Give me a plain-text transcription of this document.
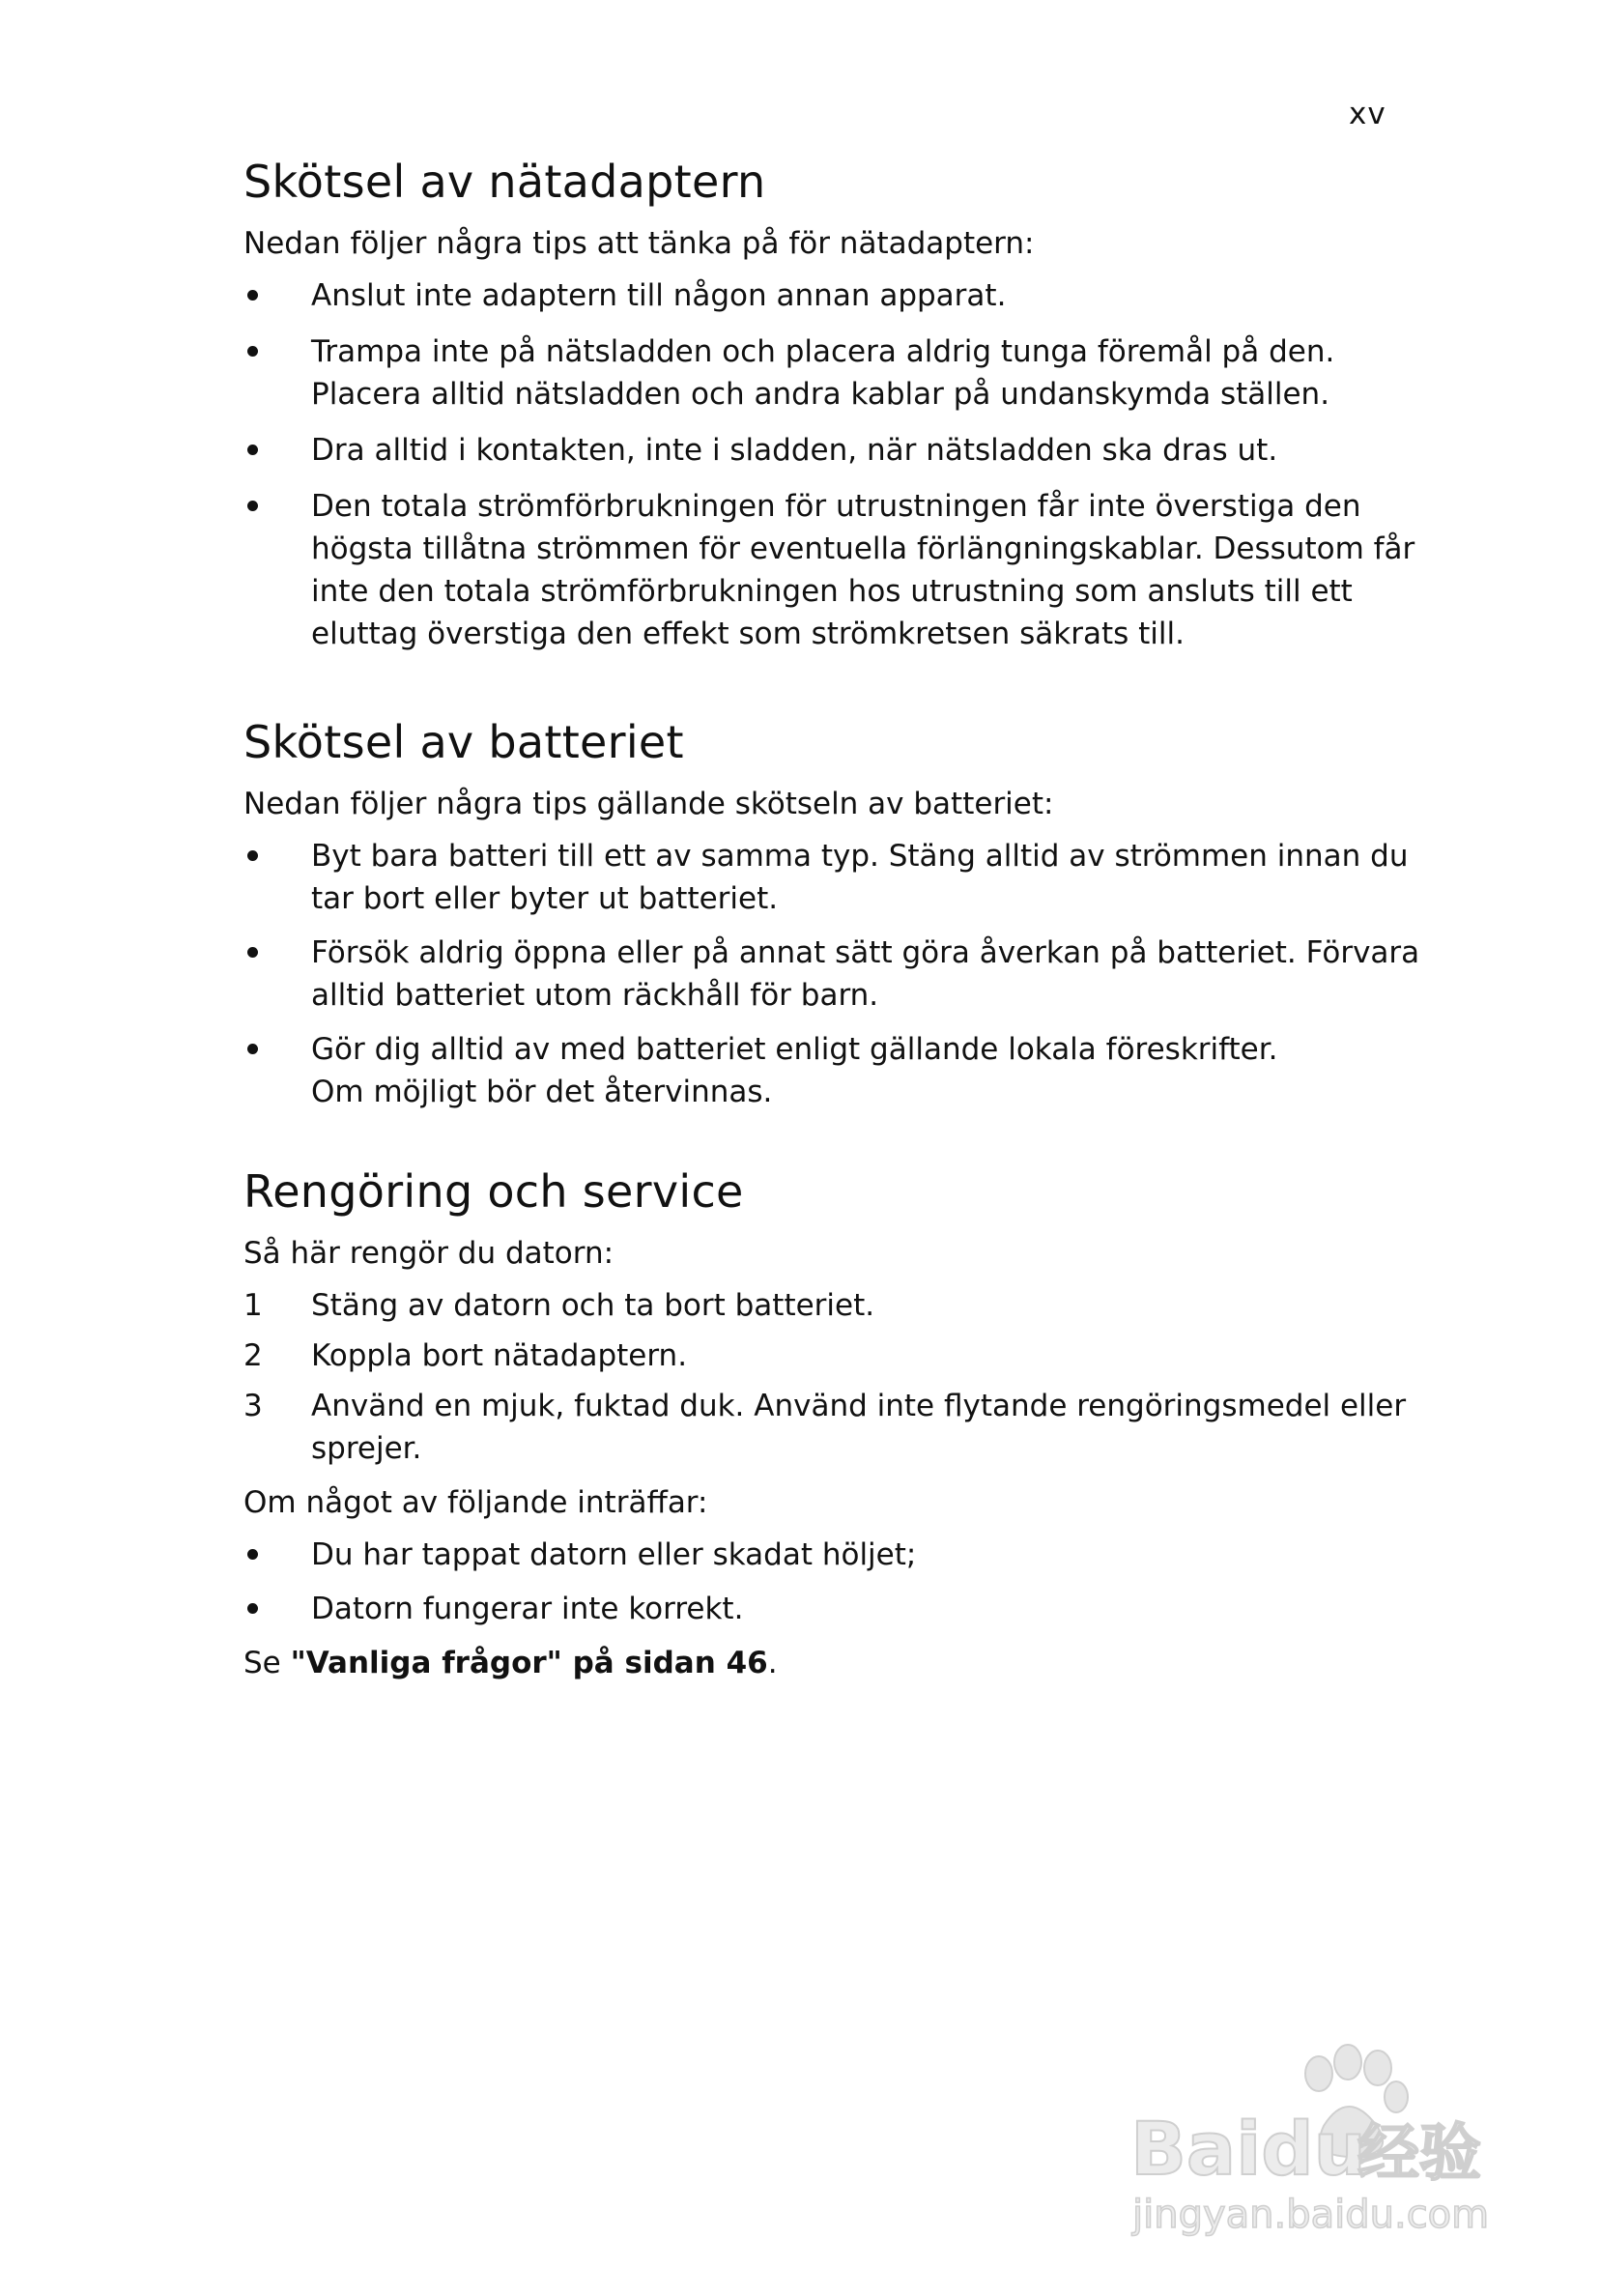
xv
Skötsel av nätadaptern

Nedan följer några tips att tänka på för nätadaptern:

Anslut inte adaptern till någon annan apparat.
Trampa inte på nätsladden och placera aldrig tunga föremål på den.
Placera alltid nätsladden och andra kablar på undanskymda ställen.
Dra alltid i kontakten, inte i sladden, när nätsladden ska dras ut.
Den totala strömförbrukningen för utrustningen får inte överstiga den
högsta tillåtna strömmen för eventuella förlängningskablar. Dessutom får
inte den totala strömförbrukningen hos utrustning som ansluts till ett
eluttag överstiga den effekt som strömkretsen säkrats till.
Skötsel av batteriet

Nedan följer några tips gällande skötseln av batteriet:

Byt bara batteri till ett av samma typ. Stäng alltid av strömmen innan du
tar bort eller byter ut batteriet.
Försök aldrig öppna eller på annat sätt göra åverkan på batteriet. Förvara
alltid batteriet utom räckhåll för barn.
Gör dig alltid av med batteriet enligt gällande lokala föreskrifter.
Om möjligt bör det återvinnas.
Rengöring och service

Så här rengör du datorn:

1	Stäng av datorn och ta bort batteriet.
2	Koppla bort nätadaptern.
3	Använd en mjuk, fuktad duk. Använd inte flytande rengöringsmedel eller
sprejer.

Om något av följande inträffar:

Du har tappat datorn eller skadat höljet;
Datorn fungerar inte korrekt.

Se "Vanliga frågor" på sidan 46.

Baidu
经验
jingyan.baidu.com
